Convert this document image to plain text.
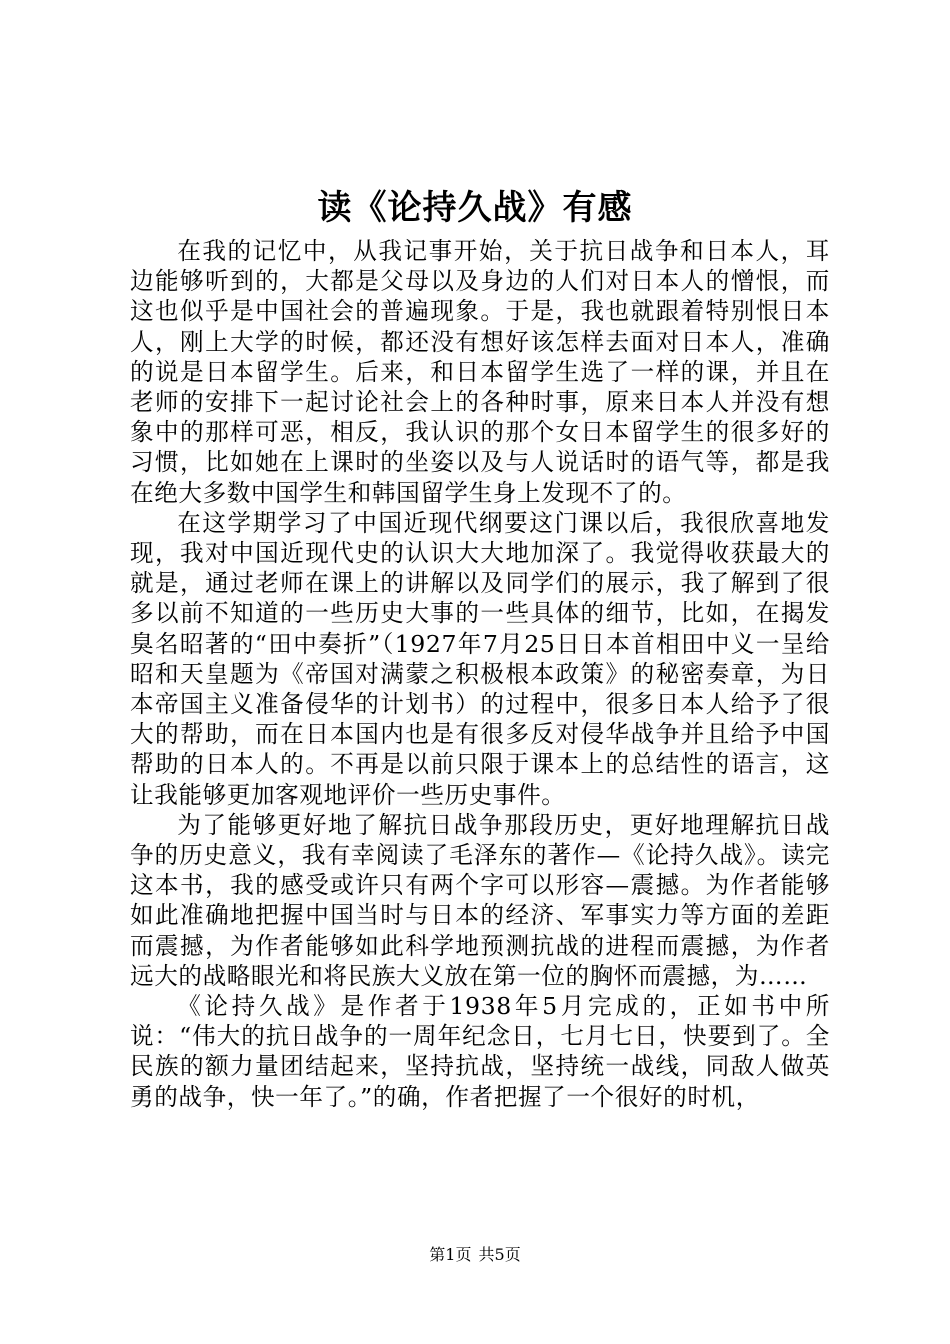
读《论持久战》有感

在我的记忆中，从我记事开始，关于抗日战争和日本人，耳边能够听到的，大都是父母以及身边的人们对日本人的憎恨，而这也似乎是中国社会的普遍现象。于是，我也就跟着特别恨日本人，刚上大学的时候，都还没有想好该怎样去面对日本人，准确的说是日本留学生。后来，和日本留学生选了一样的课，并且在老师的安排下一起讨论社会上的各种时事，原来日本人并没有想象中的那样可恶，相反，我认识的那个女日本留学生的很多好的习惯，比如她在上课时的坐姿以及与人说话时的语气等，都是我在绝大多数中国学生和韩国留学生身上发现不了的。

在这学期学习了中国近现代纲要这门课以后，我很欣喜地发现，我对中国近现代史的认识大大地加深了。我觉得收获最大的就是，通过老师在课上的讲解以及同学们的展示，我了解到了很多以前不知道的一些历史大事的一些具体的细节，比如，在揭发臭名昭著的“田中奏折”（1927年7月25日日本首相田中义一呈给昭和天皇题为《帝国对满蒙之积极根本政策》的秘密奏章，为日本帝国主义准备侵华的计划书）的过程中，很多日本人给予了很大的帮助，而在日本国内也是有很多反对侵华战争并且给予中国帮助的日本人的。不再是以前只限于课本上的总结性的语言，这让我能够更加客观地评价一些历史事件。

为了能够更好地了解抗日战争那段历史，更好地理解抗日战争的历史意义，我有幸阅读了毛泽东的著作—《论持久战》。读完这本书，我的感受或许只有两个字可以形容—震撼。为作者能够如此准确地把握中国当时与日本的经济、军事实力等方面的差距而震撼，为作者能够如此科学地预测抗战的进程而震撼，为作者远大的战略眼光和将民族大义放在第一位的胸怀而震撼，为……

《论持久战》是作者于1938年5月完成的，正如书中所说：“伟大的抗日战争的一周年纪念日，七月七日，快要到了。全民族的额力量团结起来，坚持抗战，坚持统一战线，同敌人做英勇的战争，快一年了。”的确，作者把握了一个很好的时机，

第1页 共5页
